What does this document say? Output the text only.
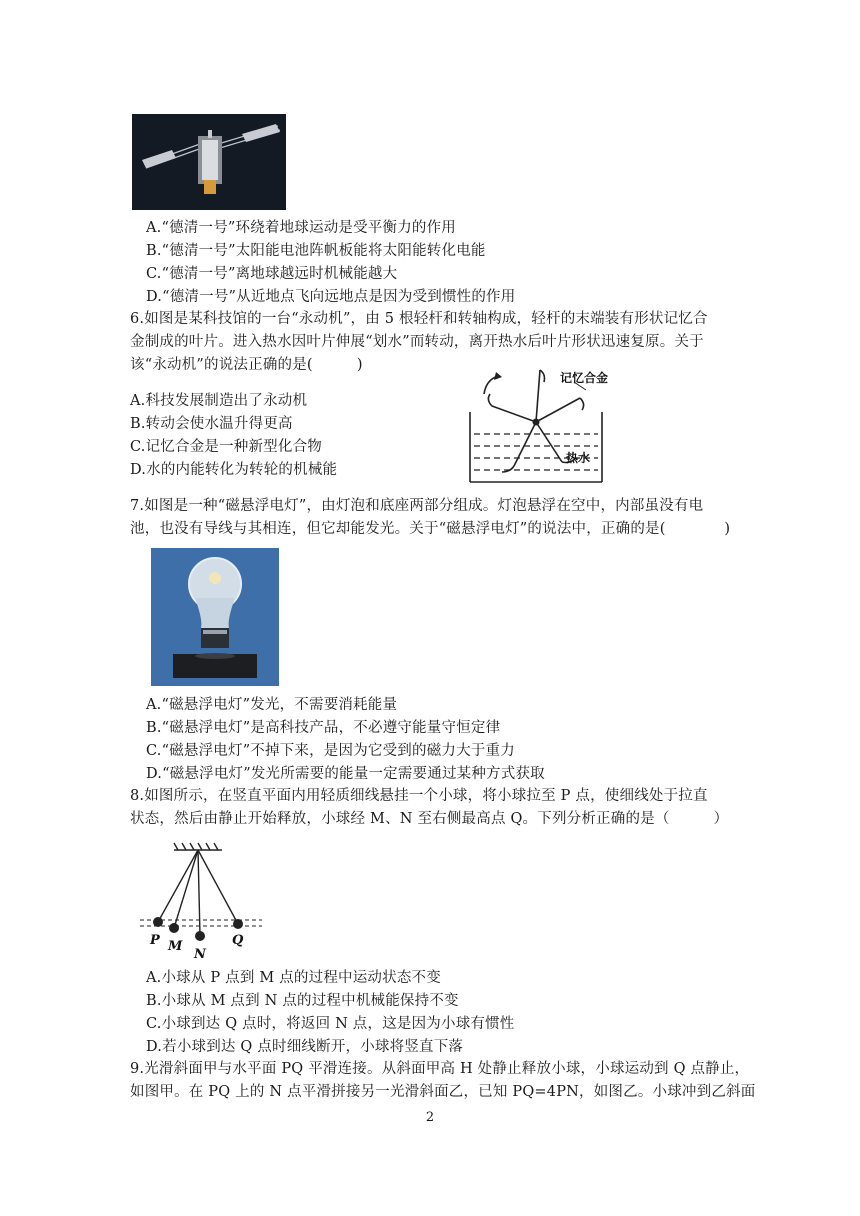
A.“德清一号”环绕着地球运动是受平衡力的作用
B.“德清一号”太阳能电池阵帆板能将太阳能转化电能
C.“德清一号”离地球越远时机械能越大
D.“德清一号”从近地点飞向远地点是因为受到惯性的作用
6.如图是某科技馆的一台“永动机”，由 5 根轻杆和转轴构成，轻杆的末端装有形状记忆合
金制成的叶片。进入热水因叶片伸展“划水”而转动，离开热水后叶片形状迅速复原。关于
该“永动机”的说法正确的是(　　　)
A.科技发展制造出了永动机
B.转动会使水温升得更高
C.记忆合金是一种新型化合物
D.水的内能转化为转轮的机械能
记忆合金
热水
7.如图是一种“磁悬浮电灯”，由灯泡和底座两部分组成。灯泡悬浮在空中，内部虽没有电
池，也没有导线与其相连，但它却能发光。关于“磁悬浮电灯”的说法中，正确的是(　　　　)
A.“磁悬浮电灯”发光，不需要消耗能量
B.“磁悬浮电灯”是高科技产品，不必遵守能量守恒定律
C.“磁悬浮电灯”不掉下来，是因为它受到的磁力大于重力
D.“磁悬浮电灯”发光所需要的能量一定需要通过某种方式获取
8.如图所示，在竖直平面内用轻质细线悬挂一个小球，将小球拉至 P 点，使细线处于拉直
状态，然后由静止开始释放，小球经 M、N 至右侧最高点 Q。下列分析正确的是（　　　）
P M
N
Q
A.小球从 P 点到 M 点的过程中运动状态不变
B.小球从 M 点到 N 点的过程中机械能保持不变
C.小球到达 Q 点时，将返回 N 点，这是因为小球有惯性
D.若小球到达 Q 点时细线断开，小球将竖直下落
9.光滑斜面甲与水平面 PQ 平滑连接。从斜面甲高 H 处静止释放小球，小球运动到 Q 点静止，
如图甲。在 PQ 上的 N 点平滑拼接另一光滑斜面乙，已知 PQ=4PN，如图乙。小球冲到乙斜面
2
